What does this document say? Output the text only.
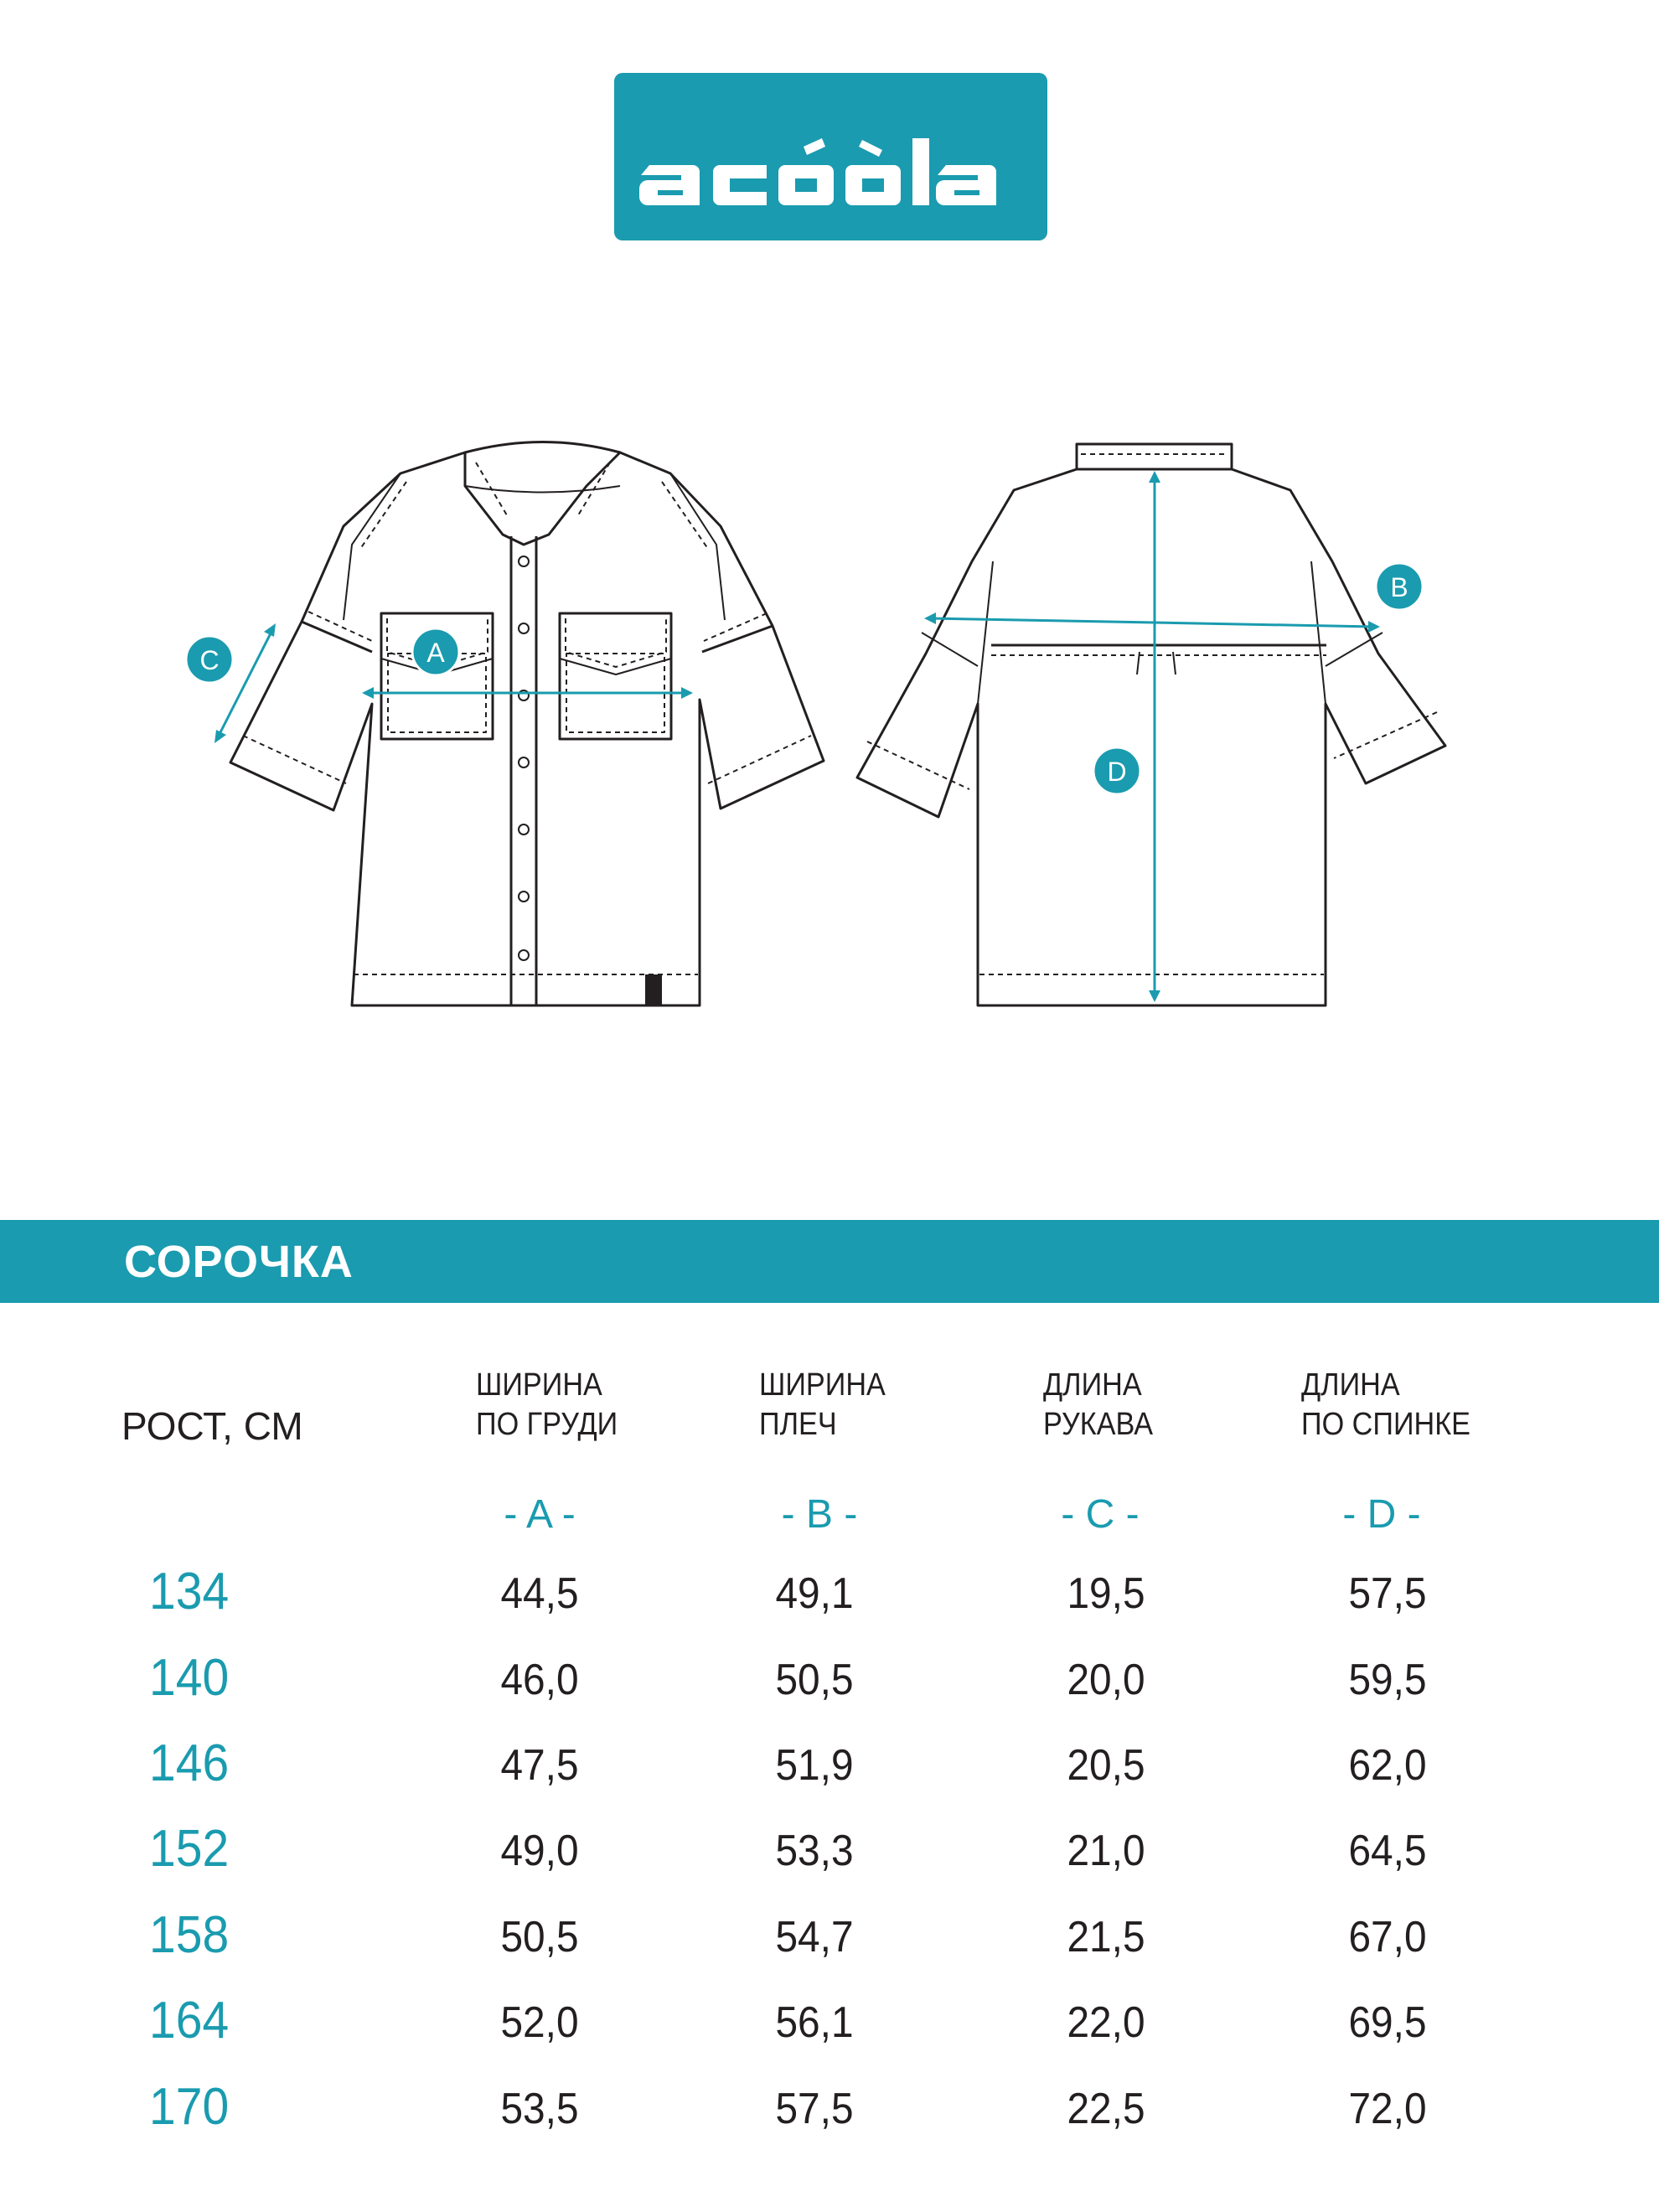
A
B
C
D
СОРОЧКА
РОСТ, СМ
ШИРИНА
ПО ГРУДИ
ШИРИНА
ПЛЕЧ
ДЛИНА
РУКАВА
ДЛИНА
ПО СПИНКЕ
- A -	- B -	- C -	- D -
134	44,5	49,1	19,5	57,5
140	46,0	50,5	20,0	59,5
146	47,5	51,9	20,5	62,0
152	49,0	53,3	21,0	64,5
158	50,5	54,7	21,5	67,0
164	52,0	56,1	22,0	69,5
170	53,5	57,5	22,5	72,0
